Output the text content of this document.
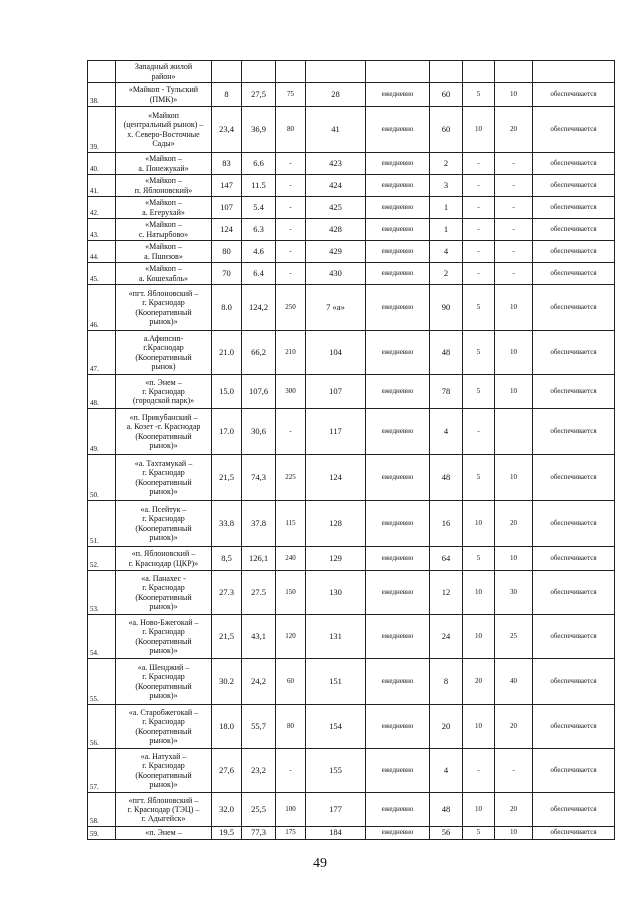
	Западный жилой
район»										
38.	«Майкоп - Тульский
(ПМК)»	8	27,5	75	28	ежедневно	60	5	10		обеспечивается
39.	«Майкоп
(центральный рынок) –
х. Северо-Восточные
Сады»	23,4	36,9	80	41	ежедневно	60	10	20		обеспечивается
40.	«Майкоп –
а. Понежукай»	83	6.6	-	423	ежедневно	2	-	-		обеспечивается
41.	«Майкоп –
п. Яблоновский»	147	11.5	-	424	ежедневно	3	-	-		обеспечивается
42.	«Майкоп –
а. Егерухай»	107	5.4	-	425	ежедневно	1	-	-		обеспечивается
43.	«Майкоп –
с. Натырбово»	124	6.3	-	428	ежедневно	1	-	-		обеспечивается
44.	«Майкоп –
а. Пшизов»	80	4.6	-	429	ежедневно	4	-	-		обеспечивается
45.	«Майкоп –
а. Кошехабль»	70	6.4	-	430	ежедневно	2	-	-		обеспечивается
46.	«пгт. Яблоновский –
г. Краснодар
(Кооперативный
рынок)»	8.0	124,2	250	7 «а»	ежедневно	90	5	10		обеспечивается
47.	а.Афипсип-
г.Краснодар
(Кооперативный
рынок)	21.0	66,2	210	104	ежедневно	48	5	10		обеспечивается
48.	«п. Энем –
г. Краснодар
(городской парк)»	15.0	107,6	300	107	ежедневно	78	5	10		обеспечивается
49.	«п. Прикубанский –
а. Козет -г. Краснодар
(Кооперативный
рынок)»	17.0	30,6	-	117	ежедневно	4	-			обеспечивается
50.	«а. Тахтамукай –
г. Краснодар
(Кооперативный
рынок)»	21,5	74,3	225	124	ежедневно	48	5	10		обеспечивается
51.	«а. Псейтук –
г. Краснодар
(Кооперативный
рынок)»	33.8	37.8	115	128	ежедневно	16	10	20		обеспечивается
52.	«п. Яблоновский –
г. Краснодар (ЦКР)»	8,5	126,1	240	129	ежедневно	64	5	10		обеспечивается
53.	«а. Панахес -
г. Краснодар
(Кооперативный
рынок)»	27.3	27.5	150	130	ежедневно	12	10	30		обеспечивается
54.	«а. Ново-Бжегокай –
г. Краснодар
(Кооперативный
рынок)»	21,5	43,1	120	131	ежедневно	24	10	25		обеспечивается
55.	«а. Шенджий –
г. Краснодар
(Кооперативный
рынок)»	30.2	24,2	60	151	ежедневно	8	20	40		обеспечивается
56.	«а. Старобжегокай –
г. Краснодар
(Кооперативный
рынок)»	18.0	55,7	80	154	ежедневно	20	10	20		обеспечивается
57.	«а. Натухай –
г. Краснодар
(Кооперативный
рынок)»	27,6	23,2	-	155	ежедневно	4	-	-		обеспечивается
58.	«пгт. Яблоновский –
г. Краснодар (ТЭЦ) –
г. Адыгейск»	32.0	25,5	100	177	ежедневно	48	10	20		обеспечивается
59.	«п. Энем –	19.5	77,3	175	184	ежедневно	56	5	10		обеспечивается
49
